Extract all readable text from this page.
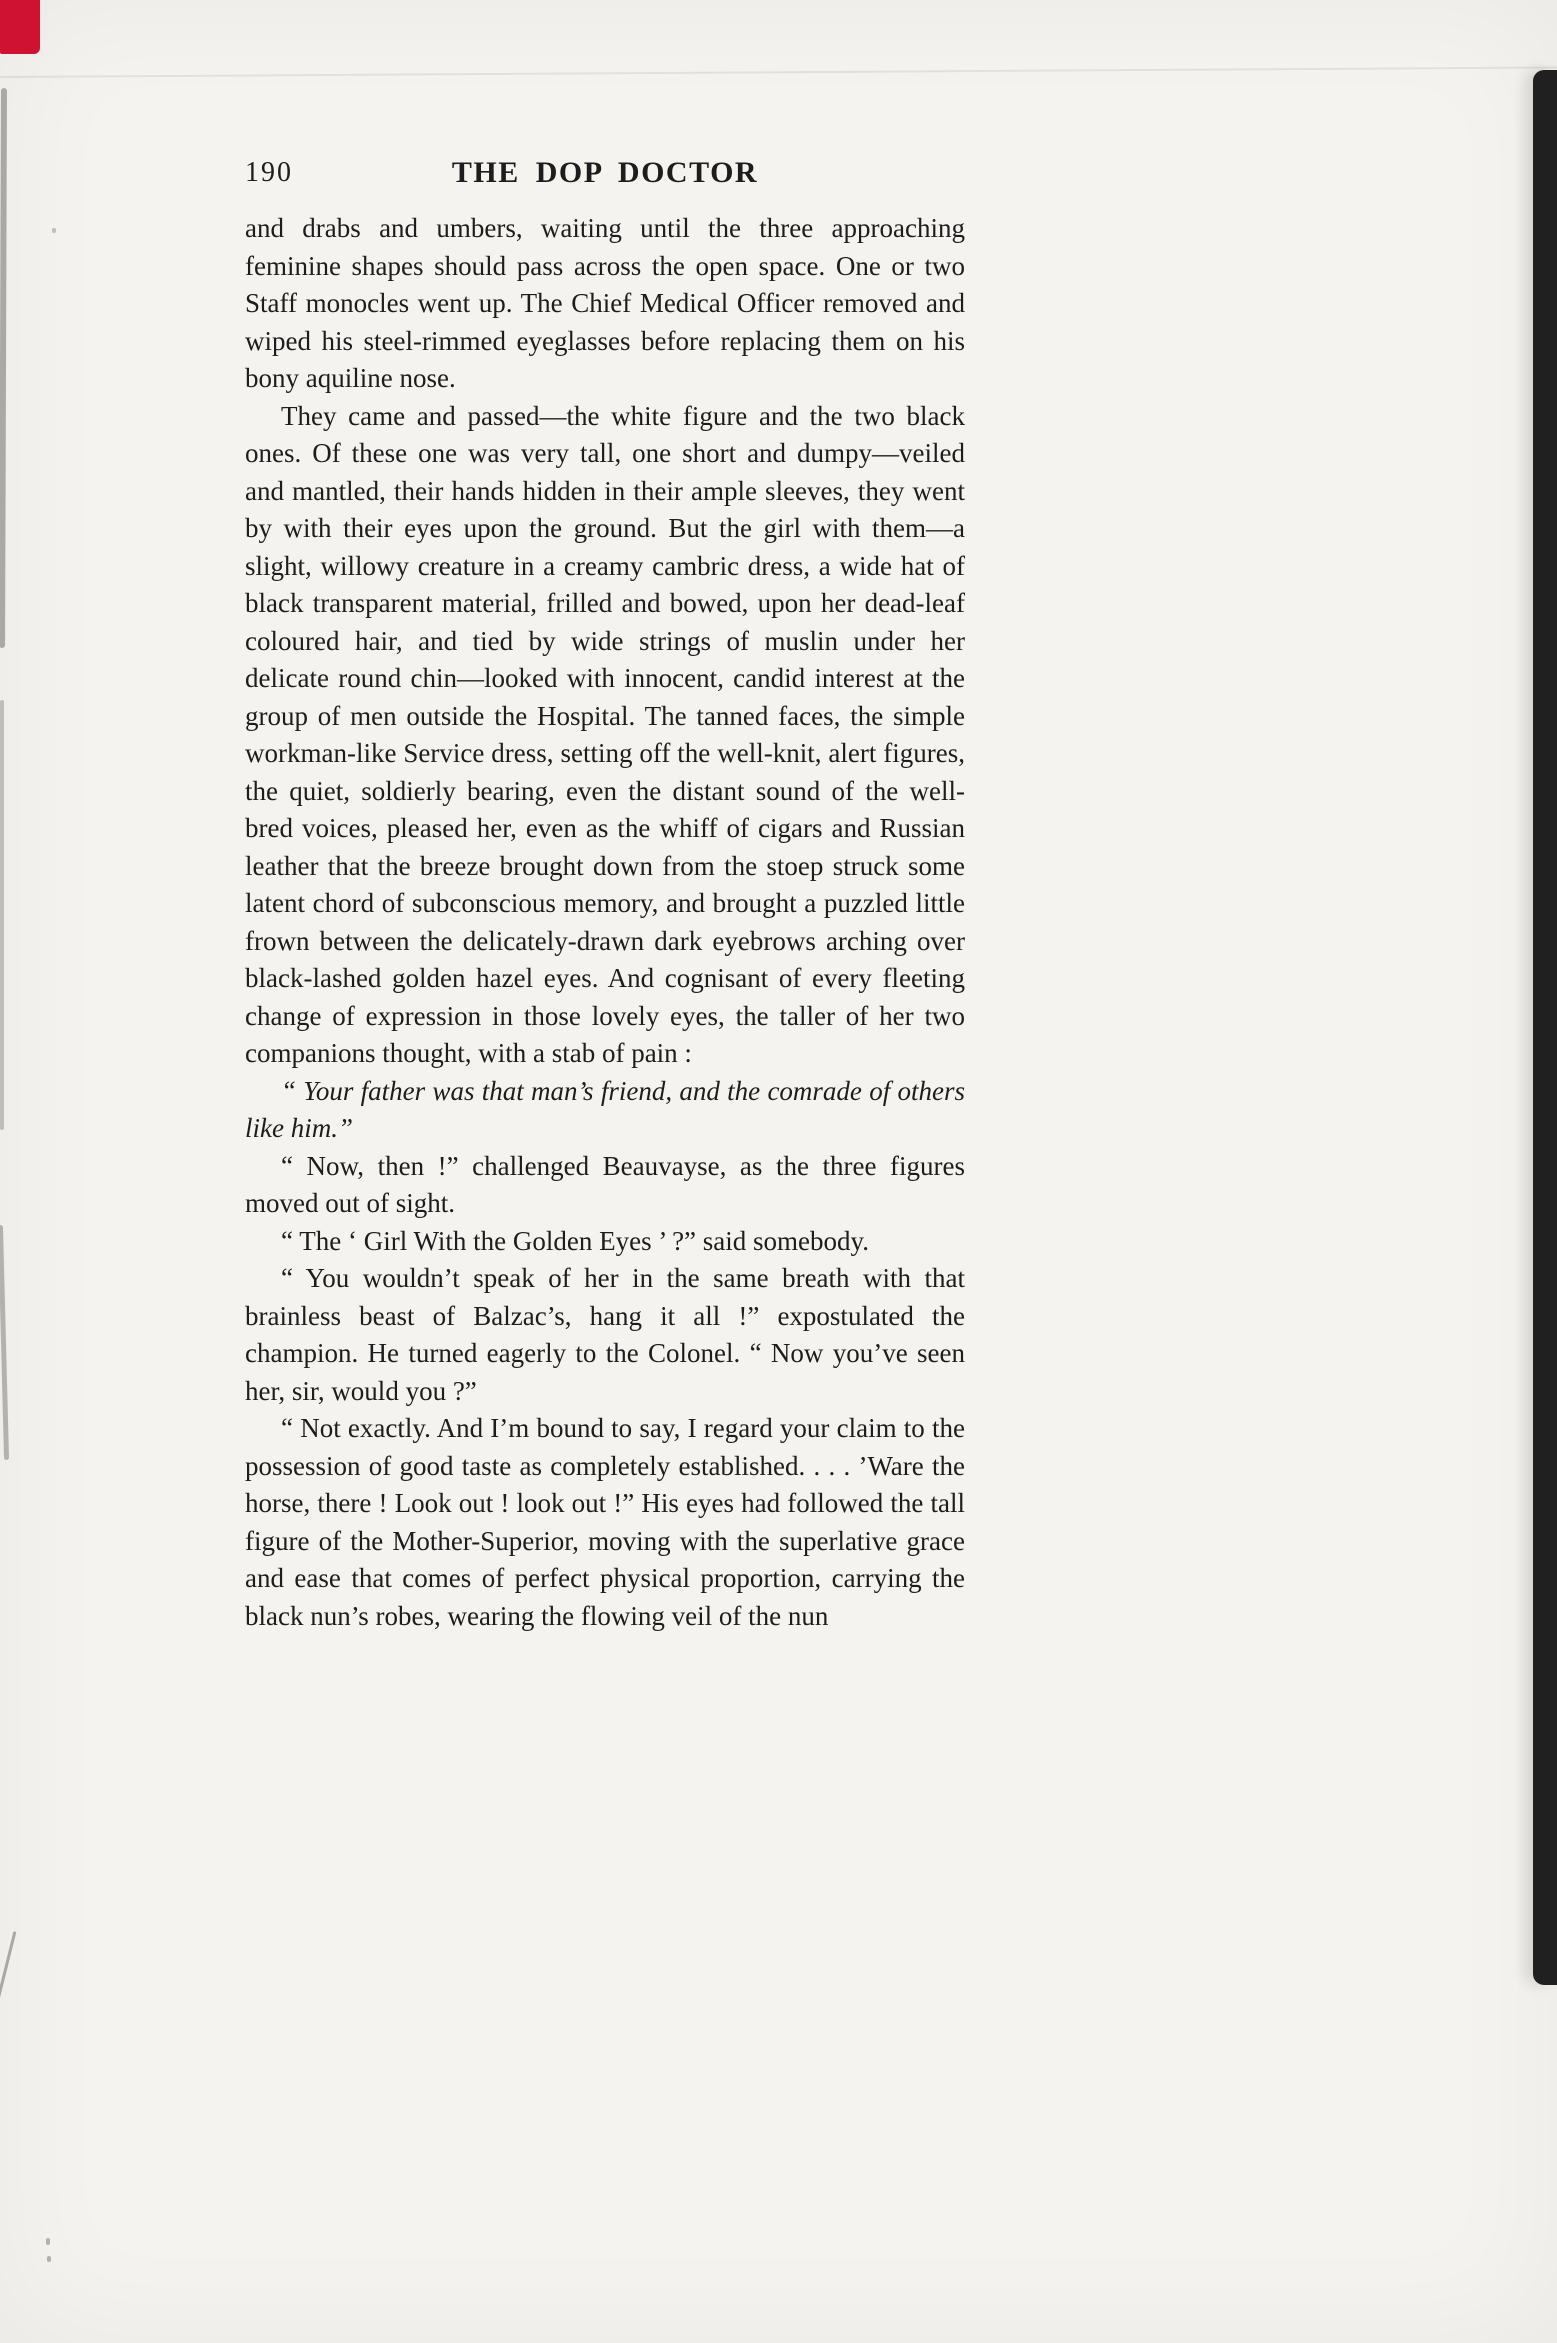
190	THE DOP DOCTOR

and drabs and umbers, waiting until the three approaching feminine shapes should pass across the open space. One or two Staff monocles went up. The Chief Medical Officer removed and wiped his steel-rimmed eyeglasses before replacing them on his bony aquiline nose.

They came and passed—the white figure and the two black ones. Of these one was very tall, one short and dumpy—veiled and mantled, their hands hidden in their ample sleeves, they went by with their eyes upon the ground. But the girl with them—a slight, willowy creature in a creamy cambric dress, a wide hat of black transparent material, frilled and bowed, upon her dead-leaf coloured hair, and tied by wide strings of muslin under her delicate round chin—looked with innocent, candid interest at the group of men outside the Hospital. The tanned faces, the simple workman-like Service dress, setting off the well-knit, alert figures, the quiet, soldierly bearing, even the distant sound of the well-bred voices, pleased her, even as the whiff of cigars and Russian leather that the breeze brought down from the stoep struck some latent chord of subconscious memory, and brought a puzzled little frown between the delicately-drawn dark eyebrows arching over black-lashed golden hazel eyes. And cognisant of every fleeting change of expression in those lovely eyes, the taller of her two companions thought, with a stab of pain :

“ Your father was that man’s friend, and the comrade of others like him.”

“ Now, then !” challenged Beauvayse, as the three figures moved out of sight.

“ The ‘ Girl With the Golden Eyes ’ ?” said somebody.

“ You wouldn’t speak of her in the same breath with that brainless beast of Balzac’s, hang it all !” expostulated the champion. He turned eagerly to the Colonel. “ Now you’ve seen her, sir, would you ?”

“ Not exactly. And I’m bound to say, I regard your claim to the possession of good taste as completely established. . . . ’Ware the horse, there ! Look out ! look out !” His eyes had followed the tall figure of the Mother-Superior, moving with the superlative grace and ease that comes of perfect physical proportion, carrying the black nun’s robes, wearing the flowing veil of the nun
